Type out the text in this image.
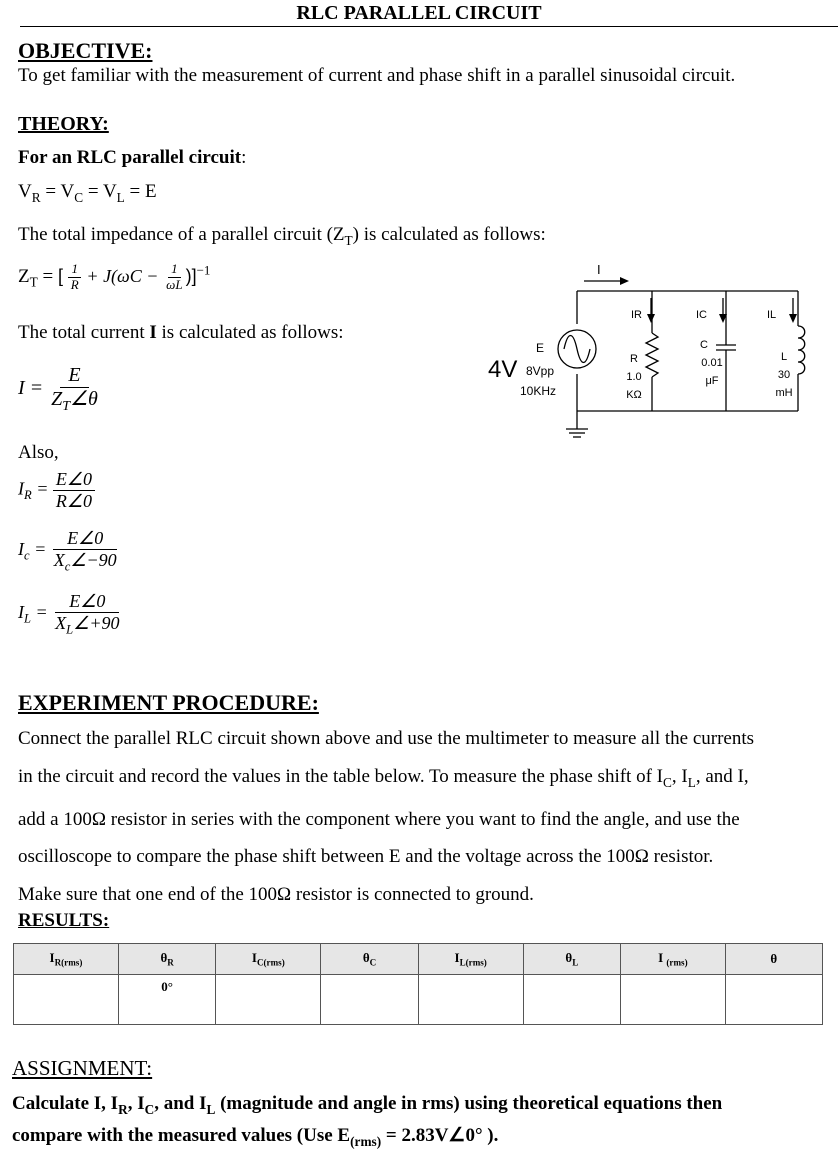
RLC PARALLEL CIRCUIT
OBJECTIVE:
To get familiar with the measurement of current and phase shift in a parallel sinusoidal circuit.
THEORY:
For an RLC parallel circuit:
$V_R = V_C = V_L = E$
The total impedance of a parallel circuit $(Z_T)$ is calculated as follows:
$Z_T$ = [ $\frac{1}{R} + J(\omega C - \frac{1}{\omega L} )]^{-1}$
The total current I is calculated as follows:
$I = \frac{E}{Z_T\angle\theta}$
Also,
$I_R = \frac{E\angle 0}{R\angle 0}$
$I_c = \frac{E\angle 0}{X_c\angle-90}$
$I_L = \frac{E\angle 0}{X_L\angle+90}$
I
E
4V 8Vpp
10KHz
IR	IC	IL
R
1.0
KΩ
C
0.01
μF
L
30
mH
EXPERIMENT PROCEDURE:
Connect the parallel RLC circuit shown above and use the multimeter to measure all the currents
in the circuit and record the values in the table below. To measure the phase shift of $I_C$, $I_L$, and I,
add a 100Ω resistor in series with the component where you want to find the angle, and use the
oscilloscope to compare the phase shift between E and the voltage across the 100Ω resistor.
Make sure that one end of the 100Ω resistor is connected to ground.
RESULTS:
$I_{R(rms)}$	$\theta_R$	$I_{C(rms)}$	$\theta_C$	$I_{L(rms)}$	$\theta_L$	I $_{(rms)}$	θ
	0°						
ASSIGNMENT:
Calculate I, $I_R$, $I_C$, and $I_L$ (magnitude and angle in rms) using theoretical equations then
compare with the measured values (Use $E_{(rms)}$ = 2.83V∠0° ).
